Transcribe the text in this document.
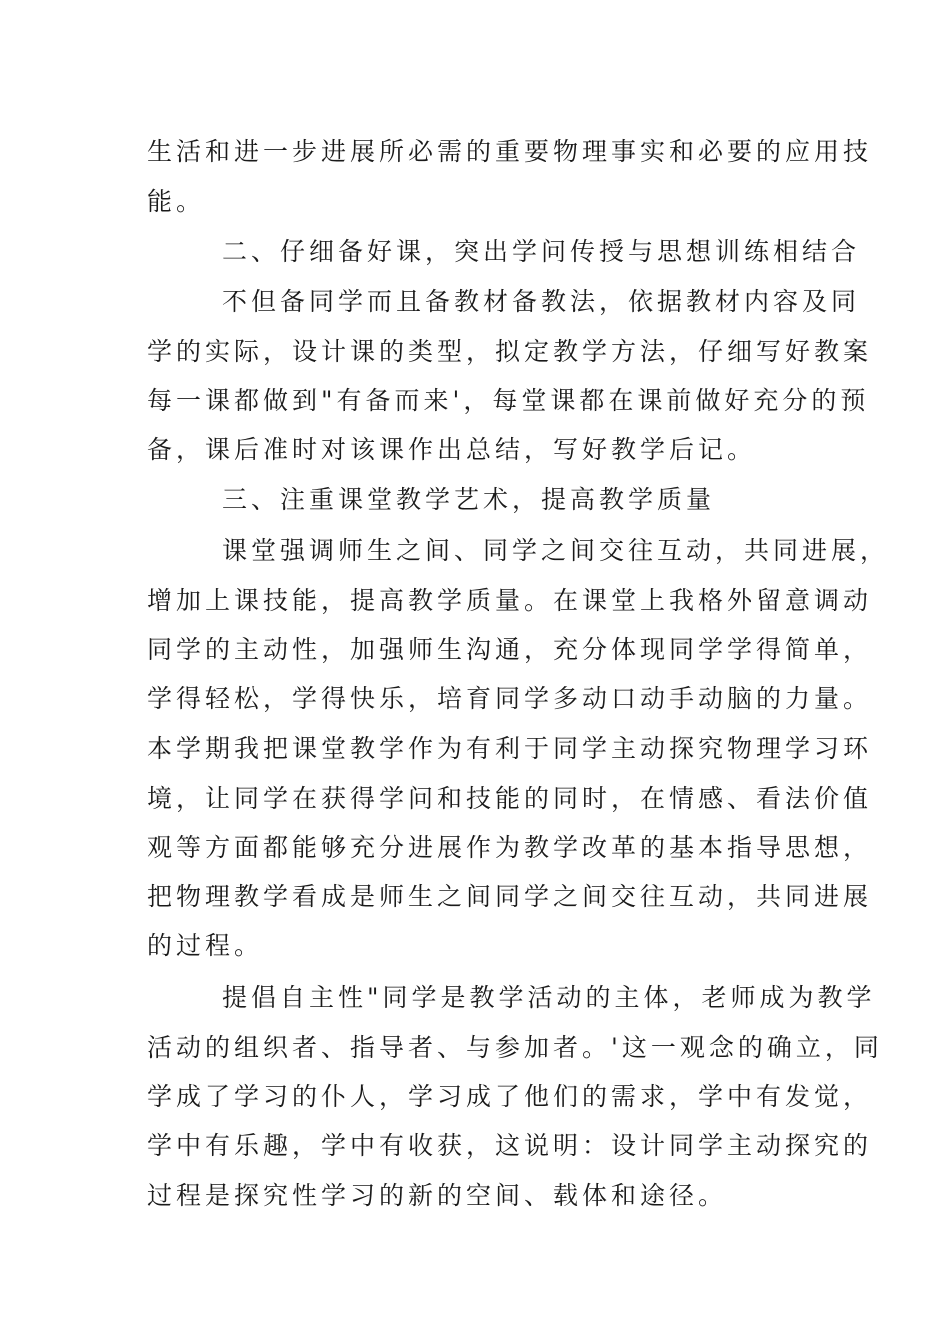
生活和进一步进展所必需的重要物理事实和必要的应用技
能。
二、仔细备好课，突出学问传授与思想训练相结合
不但备同学而且备教材备教法，依据教材内容及同
学的实际，设计课的类型，拟定教学方法，仔细写好教案
每一课都做到"有备而来'，每堂课都在课前做好充分的预
备，课后准时对该课作出总结，写好教学后记。
三、注重课堂教学艺术，提高教学质量
课堂强调师生之间、同学之间交往互动，共同进展，
增加上课技能，提高教学质量。在课堂上我格外留意调动
同学的主动性，加强师生沟通，充分体现同学学得简单，
学得轻松，学得快乐，培育同学多动口动手动脑的力量。
本学期我把课堂教学作为有利于同学主动探究物理学习环
境，让同学在获得学问和技能的同时，在情感、看法价值
观等方面都能够充分进展作为教学改革的基本指导思想，
把物理教学看成是师生之间同学之间交往互动，共同进展
的过程。
提倡自主性"同学是教学活动的主体，老师成为教学
活动的组织者、指导者、与参加者。'这一观念的确立，同
学成了学习的仆人，学习成了他们的需求，学中有发觉，
学中有乐趣，学中有收获，这说明：设计同学主动探究的
过程是探究性学习的新的空间、载体和途径。
